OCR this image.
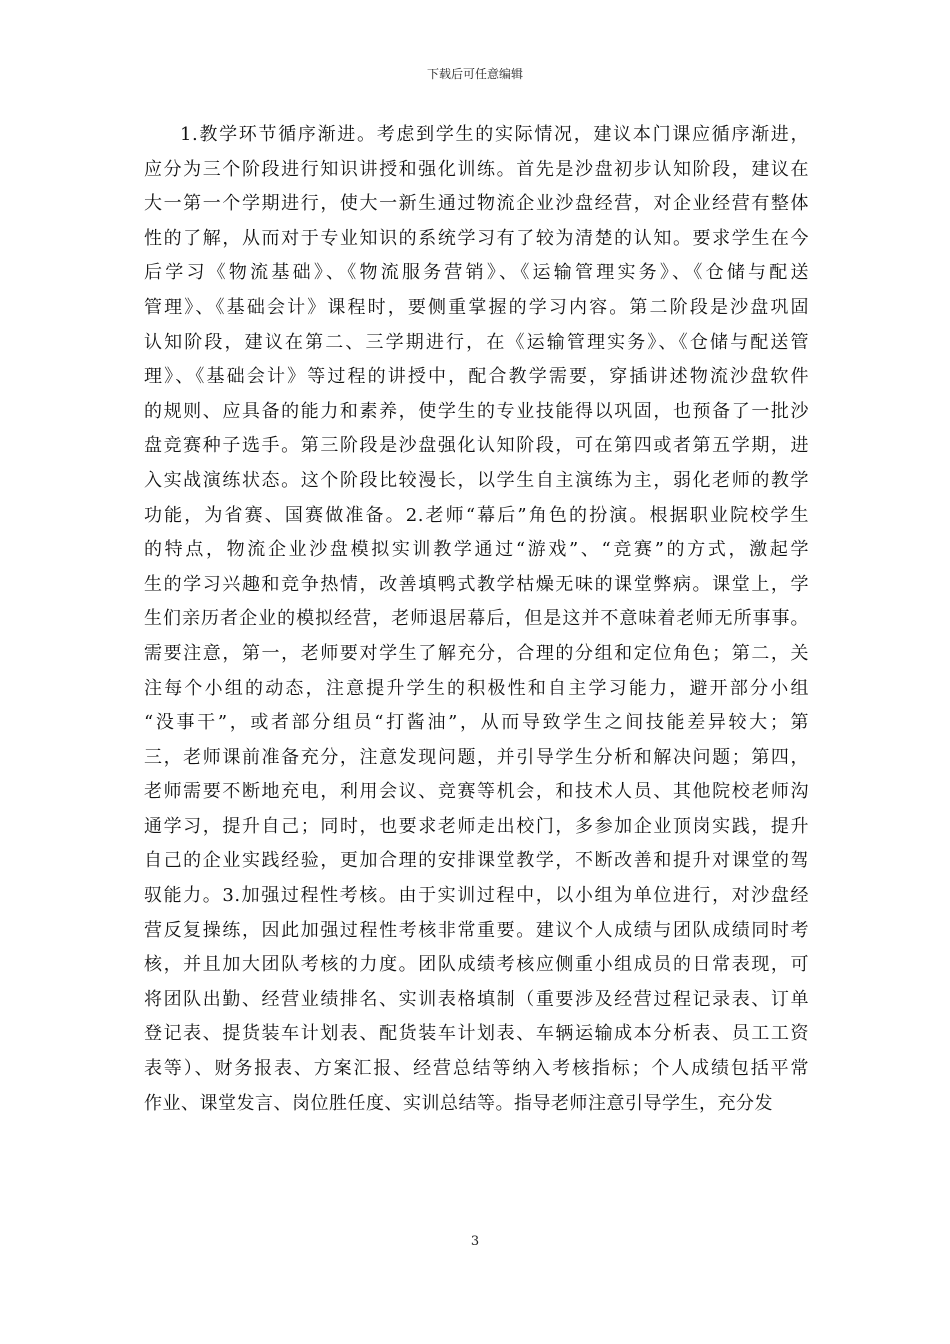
下载后可任意编辑
1.教学环节循序渐进。考虑到学生的实际情况，建议本门课应循序渐进，
应分为三个阶段进行知识讲授和强化训练。首先是沙盘初步认知阶段，建议在
大一第一个学期进行，使大一新生通过物流企业沙盘经营，对企业经营有整体
性的了解，从而对于专业知识的系统学习有了较为清楚的认知。要求学生在今
后学习《物流基础》、《物流服务营销》、《运输管理实务》、《仓储与配送
管理》、《基础会计》课程时，要侧重掌握的学习内容。第二阶段是沙盘巩固
认知阶段，建议在第二、三学期进行，在《运输管理实务》、《仓储与配送管
理》、《基础会计》等过程的讲授中，配合教学需要，穿插讲述物流沙盘软件
的规则、应具备的能力和素养，使学生的专业技能得以巩固，也预备了一批沙
盘竞赛种子选手。第三阶段是沙盘强化认知阶段，可在第四或者第五学期，进
入实战演练状态。这个阶段比较漫长，以学生自主演练为主，弱化老师的教学
功能，为省赛、国赛做准备。2.老师“幕后”角色的扮演。根据职业院校学生
的特点，物流企业沙盘模拟实训教学通过“游戏”、“竞赛”的方式，激起学
生的学习兴趣和竞争热情，改善填鸭式教学枯燥无味的课堂弊病。课堂上，学
生们亲历者企业的模拟经营，老师退居幕后，但是这并不意味着老师无所事事。
需要注意，第一，老师要对学生了解充分，合理的分组和定位角色；第二，关
注每个小组的动态，注意提升学生的积极性和自主学习能力，避开部分小组
“没事干”，或者部分组员“打酱油”，从而导致学生之间技能差异较大；第
三，老师课前准备充分，注意发现问题，并引导学生分析和解决问题；第四，
老师需要不断地充电，利用会议、竞赛等机会，和技术人员、其他院校老师沟
通学习，提升自己；同时，也要求老师走出校门，多参加企业顶岗实践，提升
自己的企业实践经验，更加合理的安排课堂教学，不断改善和提升对课堂的驾
驭能力。3.加强过程性考核。由于实训过程中，以小组为单位进行，对沙盘经
营反复操练，因此加强过程性考核非常重要。建议个人成绩与团队成绩同时考
核，并且加大团队考核的力度。团队成绩考核应侧重小组成员的日常表现，可
将团队出勤、经营业绩排名、实训表格填制（重要涉及经营过程记录表、订单
登记表、提货装车计划表、配货装车计划表、车辆运输成本分析表、员工工资
表等）、财务报表、方案汇报、经营总结等纳入考核指标；个人成绩包括平常
作业、课堂发言、岗位胜任度、实训总结等。指导老师注意引导学生，充分发
3
